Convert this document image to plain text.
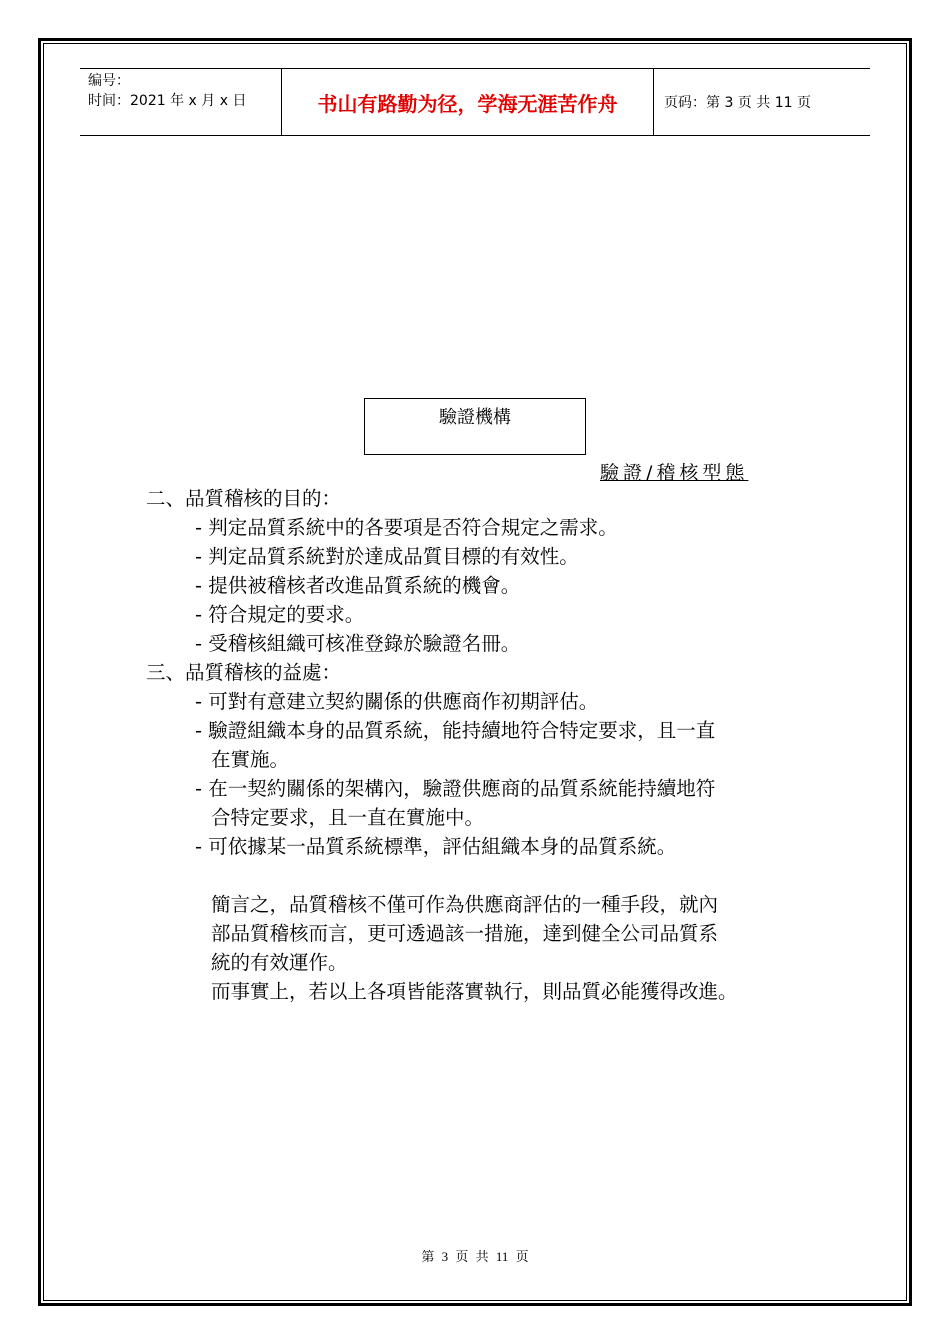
编号：
时间：2021 年 x 月 x 日	书山有路勤为径，学海无涯苦作舟	页码：第 3 页 共 11 页
驗證機構
驗證/稽核型態
二、品質稽核的目的：
- 判定品質系統中的各要項是否符合規定之需求。
- 判定品質系統對於達成品質目標的有效性。
- 提供被稽核者改進品質系統的機會。
- 符合規定的要求。
- 受稽核組織可核准登錄於驗證名冊。
三、品質稽核的益處：
- 可對有意建立契約關係的供應商作初期評估。
- 驗證組織本身的品質系統，能持續地符合特定要求，且一直
在實施。
- 在一契約關係的架構內，驗證供應商的品質系統能持續地符
合特定要求，且一直在實施中。
- 可依據某一品質系統標準，評估組織本身的品質系統。
簡言之，品質稽核不僅可作為供應商評估的一種手段，就內
部品質稽核而言，更可透過該一措施，達到健全公司品質系
統的有效運作。
而事實上，若以上各項皆能落實執行，則品質必能獲得改進。
第 3 页 共 11 页
